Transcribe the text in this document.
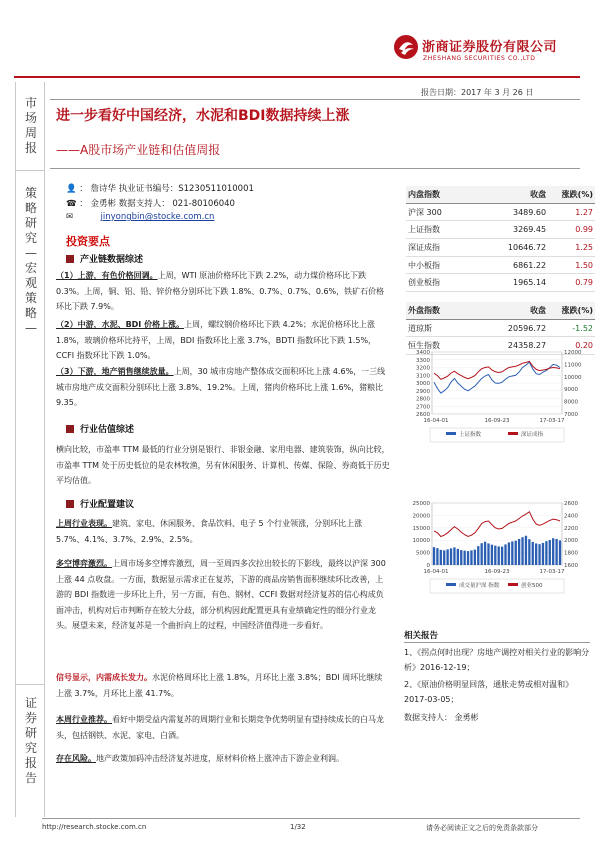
浙商证券股份有限公司
ZHESHANG SECURITIES CO.,LTD
市场周报
策略研究—宏观策略—
证券研究报告
报告日期：2017 年 3 月 26 日
进一步看好中国经济，水泥和BDI数据持续上涨
——A股市场产业链和估值周报
👤 ： 詹诗华 执业证书编号：S1230511010001
☎ ： 金勇彬 数据支持人： 021-80106040
✉	jinyongbin@stocke.com.cn
投资要点
产业链数据综述
（1）上游，有色价格回调。上周，WTI 原油价格环比下跌 2.2%，动力煤价格环比下跌 0.3%。上周，铜、铝、铅、锌价格分别环比下跌 1.8%、0.7%、0.7%、0.6%，铁矿石价格环比下跌 7.9%。
（2）中游，水泥、BDI 价格上涨。上周，螺纹钢价格环比下跌 4.2%；水泥价格环比上涨 1.8%，玻璃价格环比持平，上周，BDI 指数环比上涨 3.7%，BDTI 指数环比下跌 1.5%，CCFI 指数环比下跌 1.0%。
（3）下游，地产销售继续放量。上周，30 城市房地产整体成交面积环比上涨 4.6%，一三线城市房地产成交面积分别环比上涨 3.8%、19.2%。上周，猪肉价格环比上涨 1.6%，猪粮比 9.35。
行业估值综述
横向比较，市盈率 TTM 最低的行业分别是银行、非银金融、家用电器、建筑装饰，纵向比较，市盈率 TTM 处于历史低位的是农林牧渔，另有休闲服务、计算机、传媒、保险、券商低于历史平均估值。
行业配置建议
上周行业表现。建筑、家电、休闲服务、食品饮料、电子 5 个行业领涨，分别环比上涨 5.7%、4.1%、3.7%、2.9%、2.5%。
多空博弈激烈。上周市场多空博弈激烈，周一至周四多次拉出较长的下影线，最终以沪深 300 上涨 44 点收盘。一方面，数据显示需求正在复苏，下游的商品房销售面积继续环比改善，上游的 BDI 指数进一步环比上升，另一方面，有色、钢材、CCFI 数据对经济复苏的信心构成负面冲击，机构对后市判断存在较大分歧，部分机构因此配置更具有业绩确定性的细分行业龙头。展望未来，经济复苏是一个曲折向上的过程，中国经济值得进一步看好。
信号显示，内需成长发力。水泥价格周环比上涨 1.8%，月环比上涨 3.8%；BDI 周环比继续上涨 3.7%，月环比上涨 41.7%。
本周行业推荐。看好中期受益内需复苏的周期行业和长期竞争优势明显有望持续成长的白马龙头，包括钢铁、水泥、家电、白酒。
存在风险。地产政策加码冲击经济复苏进度，原材料价格上涨冲击下游企业利润。
内盘指数	收盘	涨跌(%)
沪深 300	3489.60	1.27
上证指数	3269.45	0.99
深证成指	10646.72	1.25
中小板指	6861.22	1.50
创业板指	1965.14	0.79
外盘指数	收盘	涨跌(%)
道琼斯	20596.72	-1.52
恒生指数	24358.27	0.20
3400
3300
3200
3100
3000
2900
2800
2700
2600
12000
11000
10000
9000
8000
7000
16-04-01	16-09-23	17-03-17
上证指数	深证成指
25000
20000
15000
10000
5000
0
2600
2400
2200
2000
1800
1600
16-04-01	16-09-23	17-03-17
成交量沪深 指数	创业500
相关报告
1、《拐点何时出现？房地产调控对相关行业的影响分析》2016-12-19；
2、《原油价格明显回落，通胀走势或相对温和》2017-03-05；
数据支持人： 金勇彬
http://research.stocke.com.cn	1/32	请务必阅读正文之后的免责条款部分
